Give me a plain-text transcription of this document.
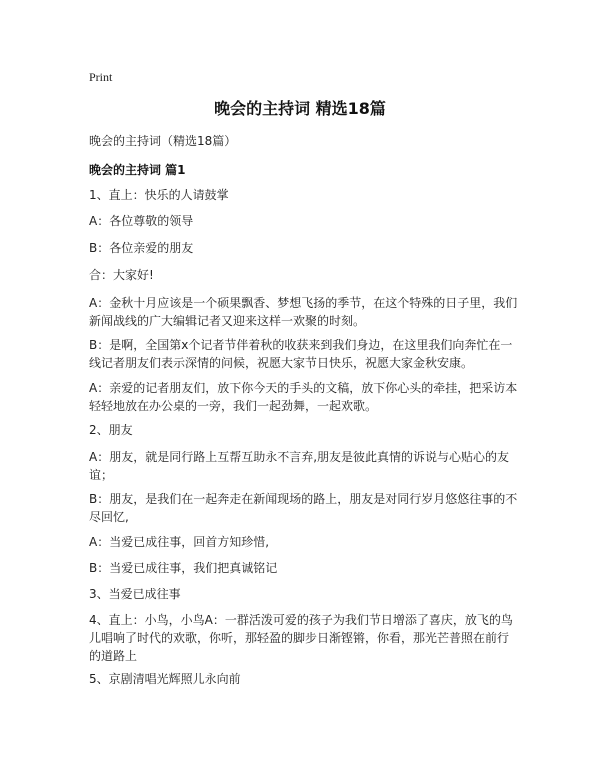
Print
晚会的主持词 精选18篇
晚会的主持词（精选18篇）
晚会的主持词 篇1
1、直上：快乐的人请鼓掌
A：各位尊敬的领导
B：各位亲爱的朋友
合：大家好!
A：金秋十月应该是一个硕果飘香、梦想飞扬的季节，在这个特殊的日子里，我们新闻战线的广大编辑记者又迎来这样一欢聚的时刻。
B：是啊，全国第x个记者节伴着秋的收获来到我们身边，在这里我们向奔忙在一线记者朋友们表示深情的问候，祝愿大家节日快乐，祝愿大家金秋安康。
A：亲爱的记者朋友们，放下你今天的手头的文稿，放下你心头的牵挂，把采访本轻轻地放在办公桌的一旁，我们一起劲舞，一起欢歌。
2、朋友
A：朋友，就是同行路上互帮互助永不言弃,朋友是彼此真情的诉说与心贴心的友谊；
B：朋友，是我们在一起奔走在新闻现场的路上，朋友是对同行岁月悠悠往事的不尽回忆,
A：当爱已成往事，回首方知珍惜,
B：当爱已成往事，我们把真诚铭记
3、当爱已成往事
4、直上：小鸟，小鸟A：一群活泼可爱的孩子为我们节日增添了喜庆，放飞的鸟儿唱响了时代的欢歌，你听，那轻盈的脚步日渐铿锵，你看，那光芒普照在前行的道路上
5、京剧清唱光辉照儿永向前
